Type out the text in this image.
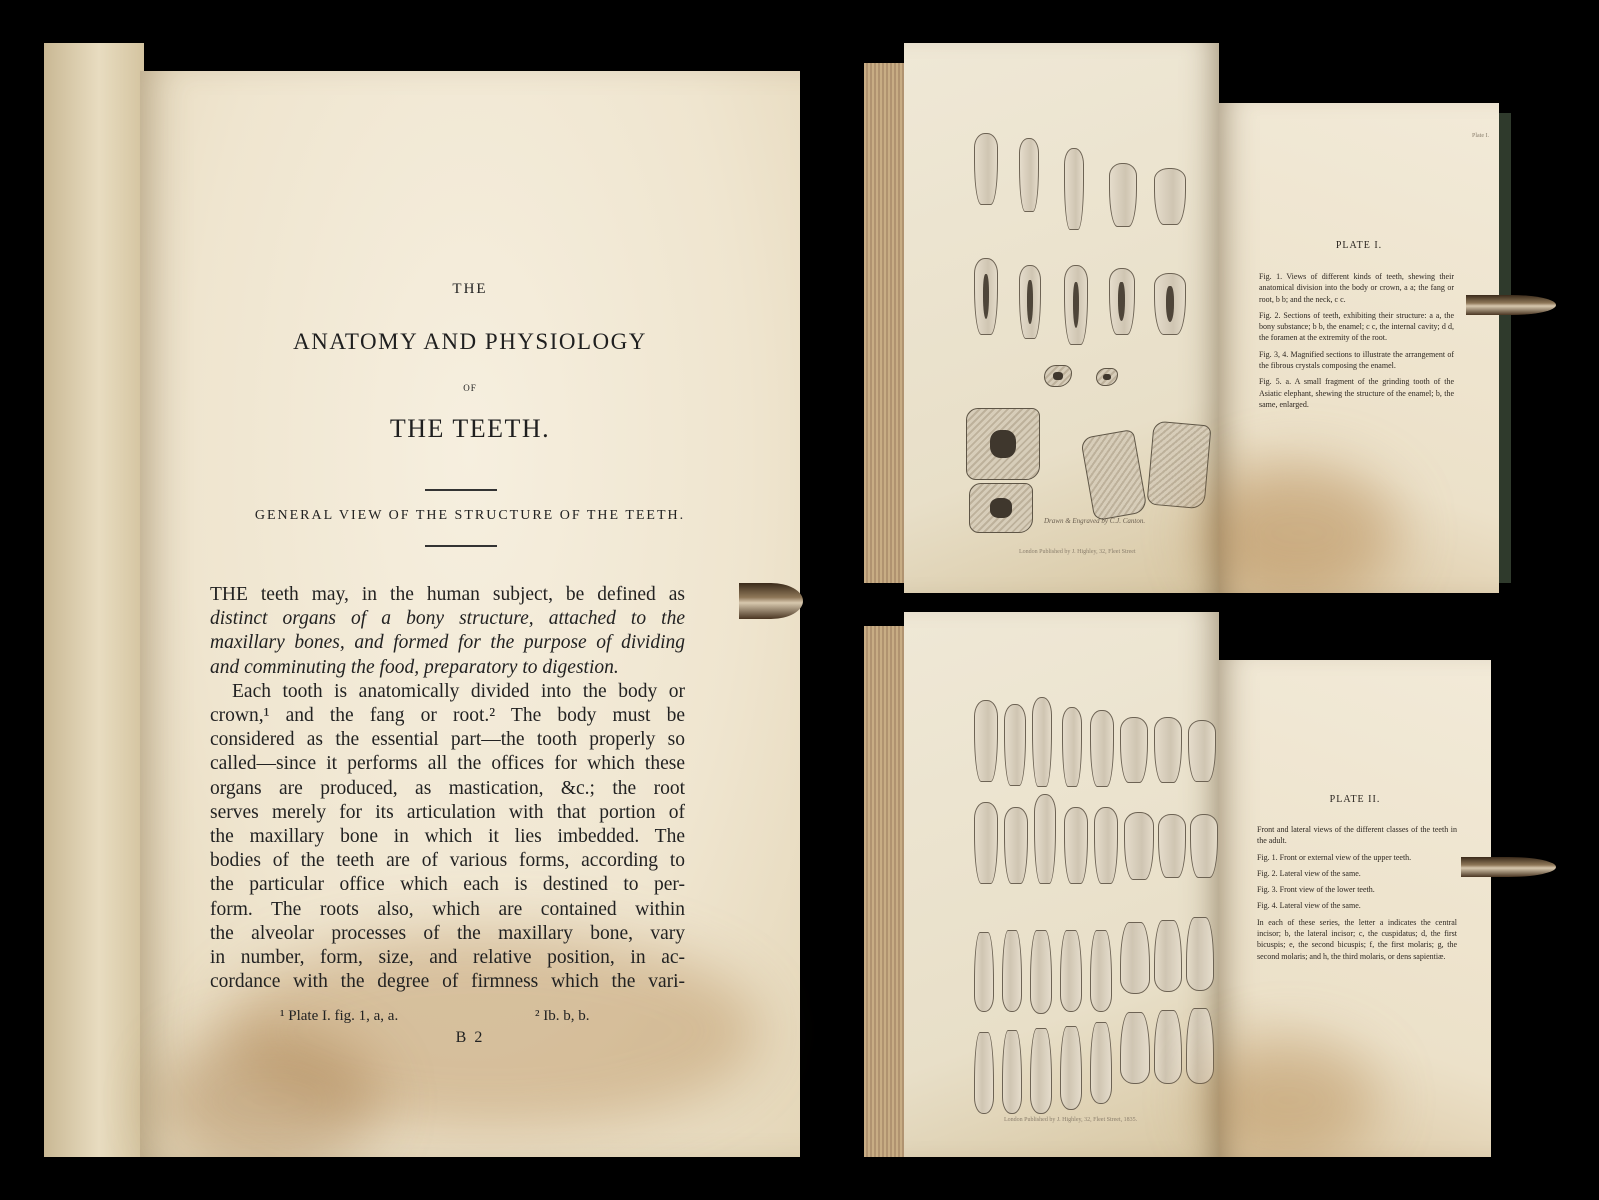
THE
ANATOMY AND PHYSIOLOGY
OF
THE TEETH.
GENERAL VIEW OF THE STRUCTURE OF THE TEETH.
THE teeth may, in the human subject, be defined as
distinct organs of a bony structure, attached to the
maxillary bones, and formed for the purpose of dividing
and comminuting the food, preparatory to digestion.
Each tooth is anatomically divided into the body or
crown,¹ and the fang or root.² The body must be
considered as the essential part—the tooth properly so
called—since it performs all the offices for which these
organs are produced, as mastication, &c.; the root
serves merely for its articulation with that portion of
the maxillary bone in which it lies imbedded. The
bodies of the teeth are of various forms, according to
the particular office which each is destined to per-
form. The roots also, which are contained within
the alveolar processes of the maxillary bone, vary
in number, form, size, and relative position, in ac-
cordance with the degree of firmness which the vari-
¹ Plate I. fig. 1, a, a.	² Ib. b, b.
B 2
Drawn & Engraved by C.J. Canton.
London Published by J. Highley, 32, Fleet Street
Plate I.
PLATE I.

Fig. 1. Views of different kinds of teeth, shewing their anatomical division into the body or crown, a a; the fang or root, b b; and the neck, c c.

Fig. 2. Sections of teeth, exhibiting their structure: a a, the bony substance; b b, the enamel; c c, the internal cavity; d d, the foramen at the extremity of the root.

Fig. 3, 4. Magnified sections to illustrate the arrangement of the fibrous crystals composing the enamel.

Fig. 5. a. A small fragment of the grinding tooth of the Asiatic elephant, shewing the structure of the enamel; b, the same, enlarged.

London Published by J. Highley, 32, Fleet Street, 1835.
PLATE II.

Front and lateral views of the different classes of the teeth in the adult.

Fig. 1. Front or external view of the upper teeth.

Fig. 2. Lateral view of the same.

Fig. 3. Front view of the lower teeth.

Fig. 4. Lateral view of the same.

In each of these series, the letter a indicates the central incisor; b, the lateral incisor; c, the cuspidatus; d, the first bicuspis; e, the second bicuspis; f, the first molaris; g, the second molaris; and h, the third molaris, or dens sapientiæ.
